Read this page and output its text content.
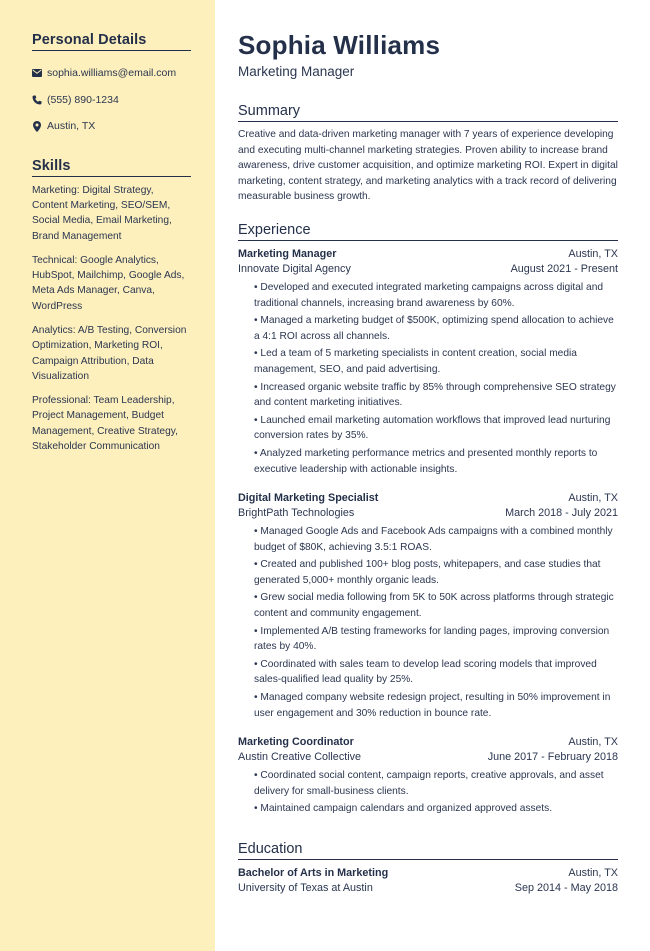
Personal Details
sophia.williams@email.com
(555) 890-1234
Austin, TX
Skills
Marketing: Digital Strategy, Content Marketing, SEO/SEM, Social Media, Email Marketing, Brand Management
Technical: Google Analytics, HubSpot, Mailchimp, Google Ads, Meta Ads Manager, Canva, WordPress
Analytics: A/B Testing, Conversion Optimization, Marketing ROI, Campaign Attribution, Data Visualization
Professional: Team Leadership, Project Management, Budget Management, Creative Strategy, Stakeholder Communication
Sophia Williams
Marketing Manager
Summary

Creative and data-driven marketing manager with 7 years of experience developing and executing multi-channel marketing strategies. Proven ability to increase brand awareness, drive customer acquisition, and optimize marketing ROI. Expert in digital marketing, content strategy, and marketing analytics with a track record of delivering measurable business growth.

Experience
Marketing Manager	Austin, TX
Innovate Digital Agency	August 2021 - Present
• Developed and executed integrated marketing campaigns across digital and traditional channels, increasing brand awareness by 60%.
• Managed a marketing budget of $500K, optimizing spend allocation to achieve a 4:1 ROI across all channels.
• Led a team of 5 marketing specialists in content creation, social media management, SEO, and paid advertising.
• Increased organic website traffic by 85% through comprehensive SEO strategy and content marketing initiatives.
• Launched email marketing automation workflows that improved lead nurturing conversion rates by 35%.
• Analyzed marketing performance metrics and presented monthly reports to executive leadership with actionable insights.
Digital Marketing Specialist	Austin, TX
BrightPath Technologies	March 2018 - July 2021
• Managed Google Ads and Facebook Ads campaigns with a combined monthly budget of $80K, achieving 3.5:1 ROAS.
• Created and published 100+ blog posts, whitepapers, and case studies that generated 5,000+ monthly organic leads.
• Grew social media following from 5K to 50K across platforms through strategic content and community engagement.
• Implemented A/B testing frameworks for landing pages, improving conversion rates by 40%.
• Coordinated with sales team to develop lead scoring models that improved sales-qualified lead quality by 25%.
• Managed company website redesign project, resulting in 50% improvement in user engagement and 30% reduction in bounce rate.
Marketing Coordinator	Austin, TX
Austin Creative Collective	June 2017 - February 2018
• Coordinated social content, campaign reports, creative approvals, and asset delivery for small-business clients.
• Maintained campaign calendars and organized approved assets.
Education
Bachelor of Arts in Marketing	Austin, TX
University of Texas at Austin	Sep 2014 - May 2018
